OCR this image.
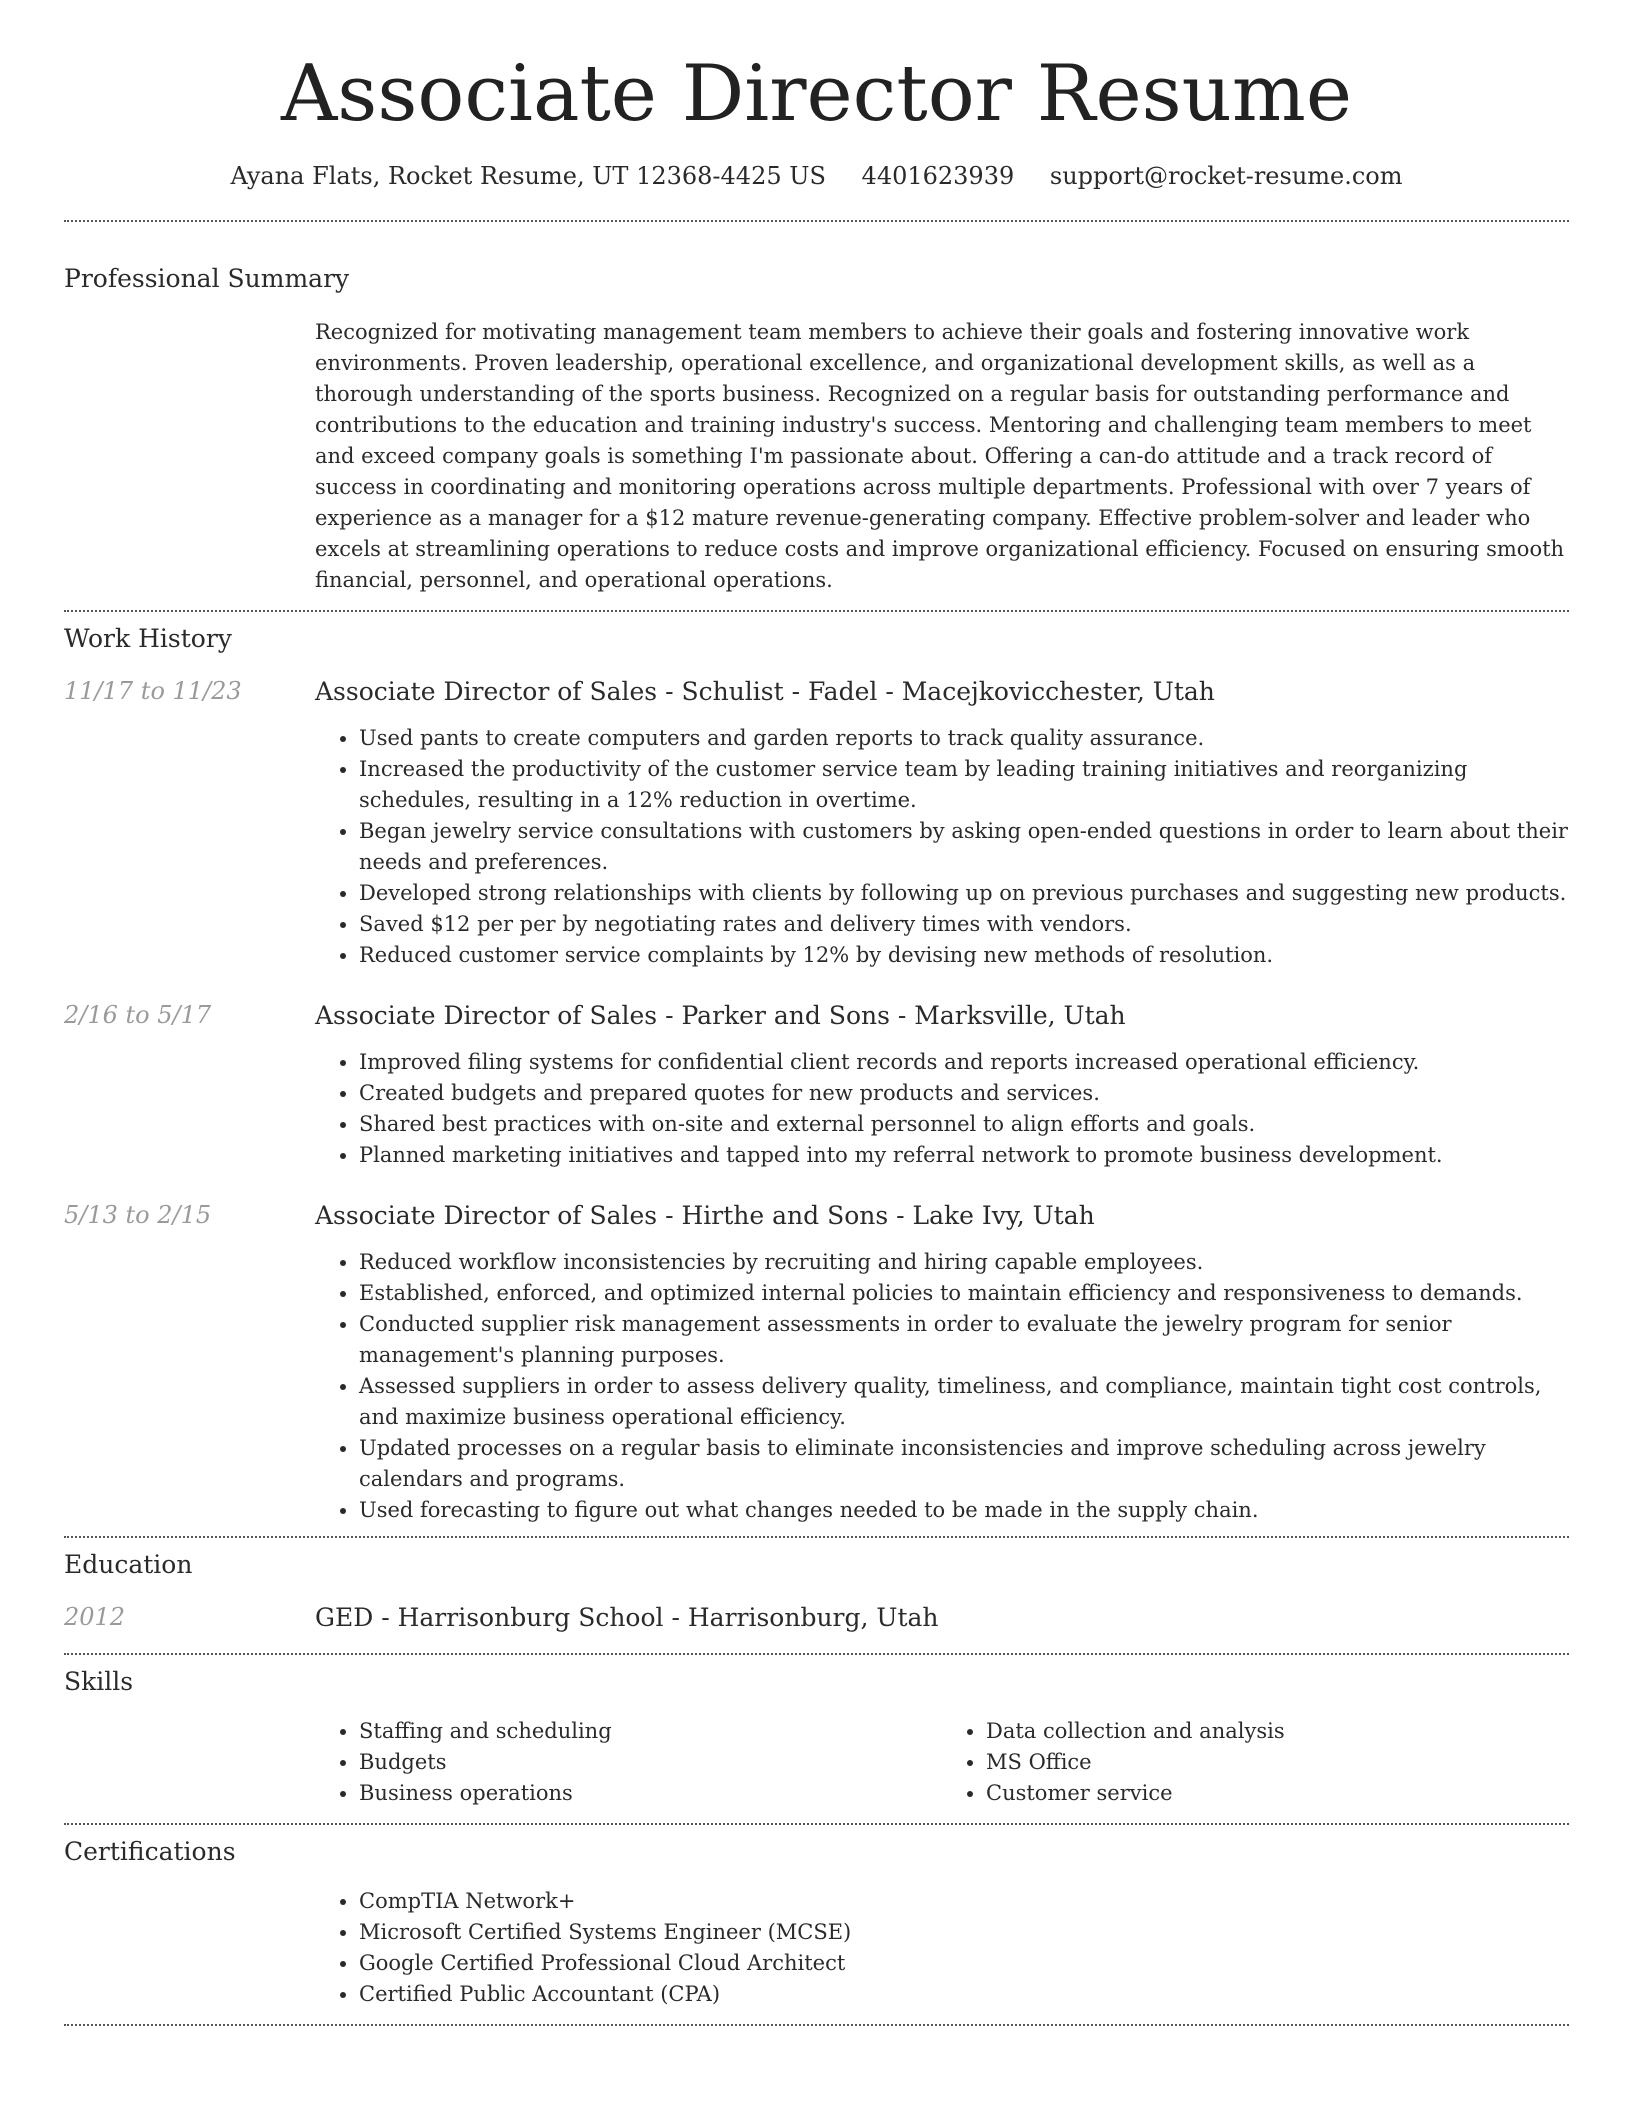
Associate Director Resume
Ayana Flats, Rocket Resume, UT 12368-4425 US 4401623939 support@rocket-resume.com
Professional Summary

Recognized for motivating management team members to achieve their goals and fostering innovative work environments. Proven leadership, operational excellence, and organizational development skills, as well as a thorough understanding of the sports business. Recognized on a regular basis for outstanding performance and contributions to the education and training industry's success. Mentoring and challenging team members to meet and exceed company goals is something I'm passionate about. Offering a can-do attitude and a track record of success in coordinating and monitoring operations across multiple departments. Professional with over 7 years of experience as a manager for a $12 mature revenue-generating company. Effective problem-solver and leader who excels at streamlining operations to reduce costs and improve organizational efficiency. Focused on ensuring smooth financial, personnel, and operational operations.

Work History
11/17 to 11/23	Associate Director of Sales - Schulist - Fadel - Macejkovicchester, Utah
• Used pants to create computers and garden reports to track quality assurance.
• Increased the productivity of the customer service team by leading training initiatives and reorganizing schedules, resulting in a 12% reduction in overtime.
• Began jewelry service consultations with customers by asking open-ended questions in order to learn about their needs and preferences.
• Developed strong relationships with clients by following up on previous purchases and suggesting new products.
• Saved $12 per per by negotiating rates and delivery times with vendors.
• Reduced customer service complaints by 12% by devising new methods of resolution.
2/16 to 5/17	Associate Director of Sales - Parker and Sons - Marksville, Utah
• Improved filing systems for confidential client records and reports increased operational efficiency.
• Created budgets and prepared quotes for new products and services.
• Shared best practices with on-site and external personnel to align efforts and goals.
• Planned marketing initiatives and tapped into my referral network to promote business development.
5/13 to 2/15	Associate Director of Sales - Hirthe and Sons - Lake Ivy, Utah
• Reduced workflow inconsistencies by recruiting and hiring capable employees.
• Established, enforced, and optimized internal policies to maintain efficiency and responsiveness to demands.
• Conducted supplier risk management assessments in order to evaluate the jewelry program for senior management's planning purposes.
• Assessed suppliers in order to assess delivery quality, timeliness, and compliance, maintain tight cost controls, and maximize business operational efficiency.
• Updated processes on a regular basis to eliminate inconsistencies and improve scheduling across jewelry calendars and programs.
• Used forecasting to figure out what changes needed to be made in the supply chain.
Education
2012	GED - Harrisonburg School - Harrisonburg, Utah
Skills
• Staffing and scheduling
• Budgets
• Business operations
• Data collection and analysis
• MS Office
• Customer service
Certifications
• CompTIA Network+
• Microsoft Certified Systems Engineer (MCSE)
• Google Certified Professional Cloud Architect
• Certified Public Accountant (CPA)
